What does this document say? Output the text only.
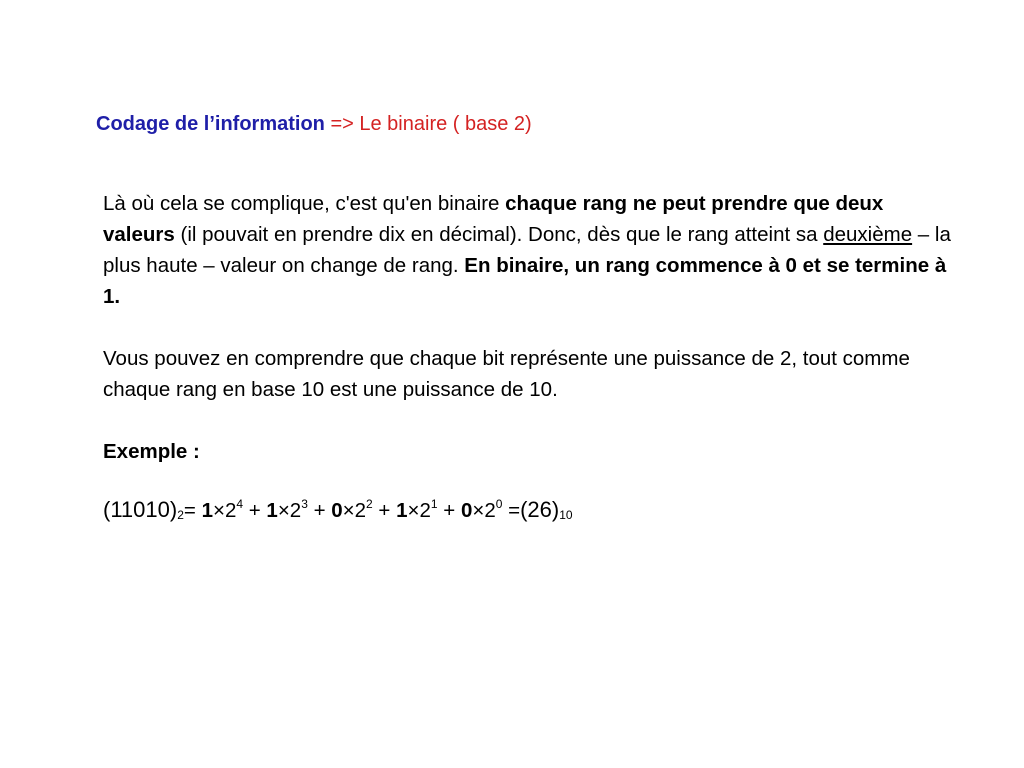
Codage de l’information => Le binaire ( base 2)

Là où cela se complique, c'est qu'en binaire chaque rang ne peut prendre que deux valeurs (il pouvait en prendre dix en décimal). Donc, dès que le rang atteint sa deuxième – la plus haute – valeur on change de rang. En binaire, un rang commence à 0 et se termine à 1.

Vous pouvez en comprendre que chaque bit représente une puissance de 2, tout comme chaque rang en base 10 est une puissance de 10.

Exemple :

$(11010)_2= 1\times 2^4 + 1\times 2^3 + 0\times 2^2 + 1\times 2^1 + 0\times 2^0 =(26)_{10}$
